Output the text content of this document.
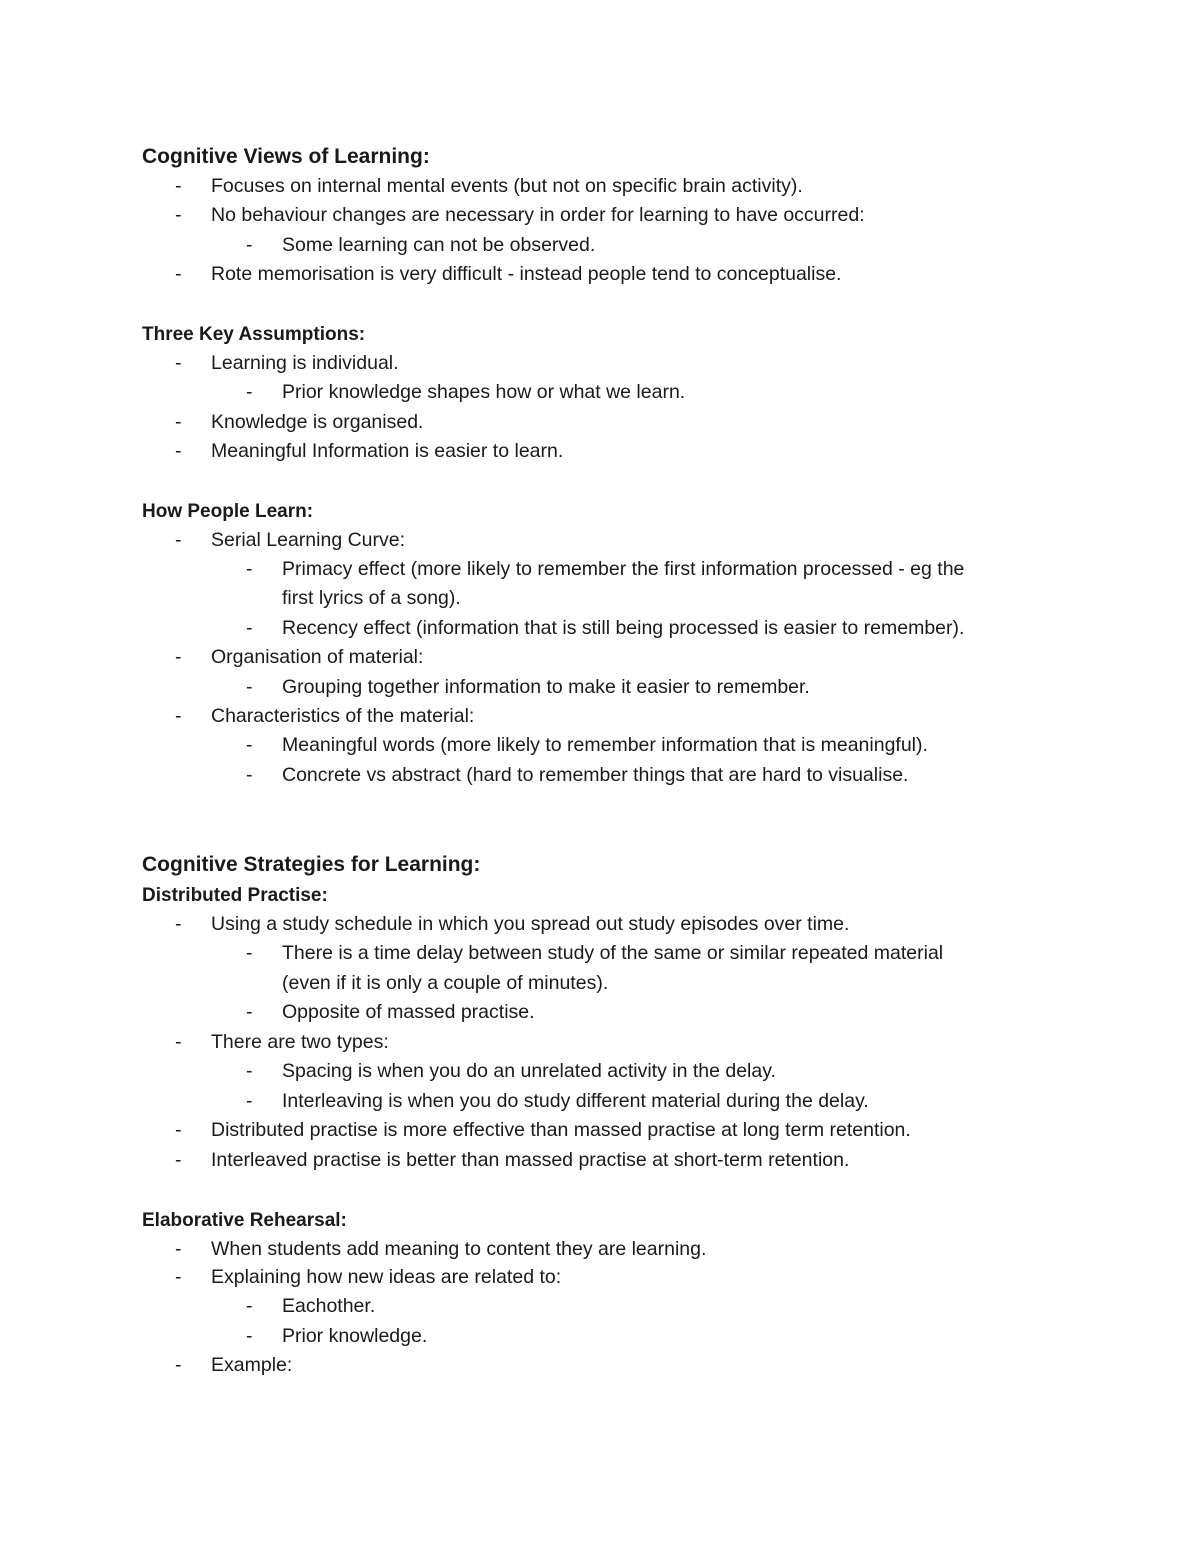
Cognitive Views of Learning:
- Focuses on internal mental events (but not on specific brain activity).
- No behaviour changes are necessary in order for learning to have occurred:
- Some learning can not be observed.
- Rote memorisation is very difficult - instead people tend to conceptualise.
Three Key Assumptions:
- Learning is individual.
- Prior knowledge shapes how or what we learn.
- Knowledge is organised.
- Meaningful Information is easier to learn.
How People Learn:
- Serial Learning Curve:
- Primacy effect (more likely to remember the first information processed - eg the
first lyrics of a song).
- Recency effect (information that is still being processed is easier to remember).
- Organisation of material:
- Grouping together information to make it easier to remember.
- Characteristics of the material:
- Meaningful words (more likely to remember information that is meaningful).
- Concrete vs abstract (hard to remember things that are hard to visualise.
Cognitive Strategies for Learning:
Distributed Practise:
- Using a study schedule in which you spread out study episodes over time.
- There is a time delay between study of the same or similar repeated material
(even if it is only a couple of minutes).
- Opposite of massed practise.
- There are two types:
- Spacing is when you do an unrelated activity in the delay.
- Interleaving is when you do study different material during the delay.
- Distributed practise is more effective than massed practise at long term retention.
- Interleaved practise is better than massed practise at short-term retention.
Elaborative Rehearsal:
- When students add meaning to content they are learning.
- Explaining how new ideas are related to:
- Eachother.
- Prior knowledge.
- Example:
